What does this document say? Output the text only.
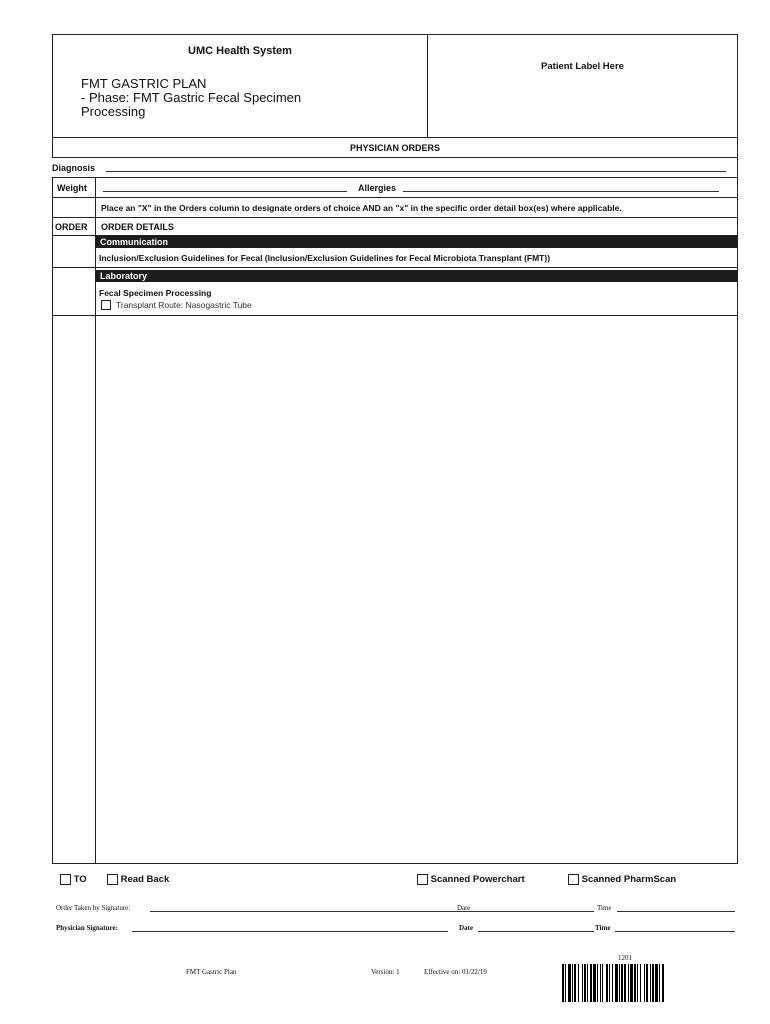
UMC Health System
FMT GASTRIC PLAN
- Phase: FMT Gastric Fecal Specimen
Processing
Patient Label Here
PHYSICIAN ORDERS
Diagnosis
Weight	Allergies
Place an "X" in the Orders column to designate orders of choice AND an "x" in the specific order detail box(es) where applicable.
ORDER ORDER DETAILS
Communication
Inclusion/Exclusion Guidelines for Fecal (Inclusion/Exclusion Guidelines for Fecal Microbiota Transplant (FMT))
Laboratory
Fecal Specimen Processing
Transplant Route: Nasogastric Tube
TO	Read Back	Scanned Powerchart	Scanned PharmScan
Order Taken by Signature:	Date	Time
Physician Signature:	Date	Time
FMT Gastric Plan	Version: 1	Effective on: 01/22/19
1201
